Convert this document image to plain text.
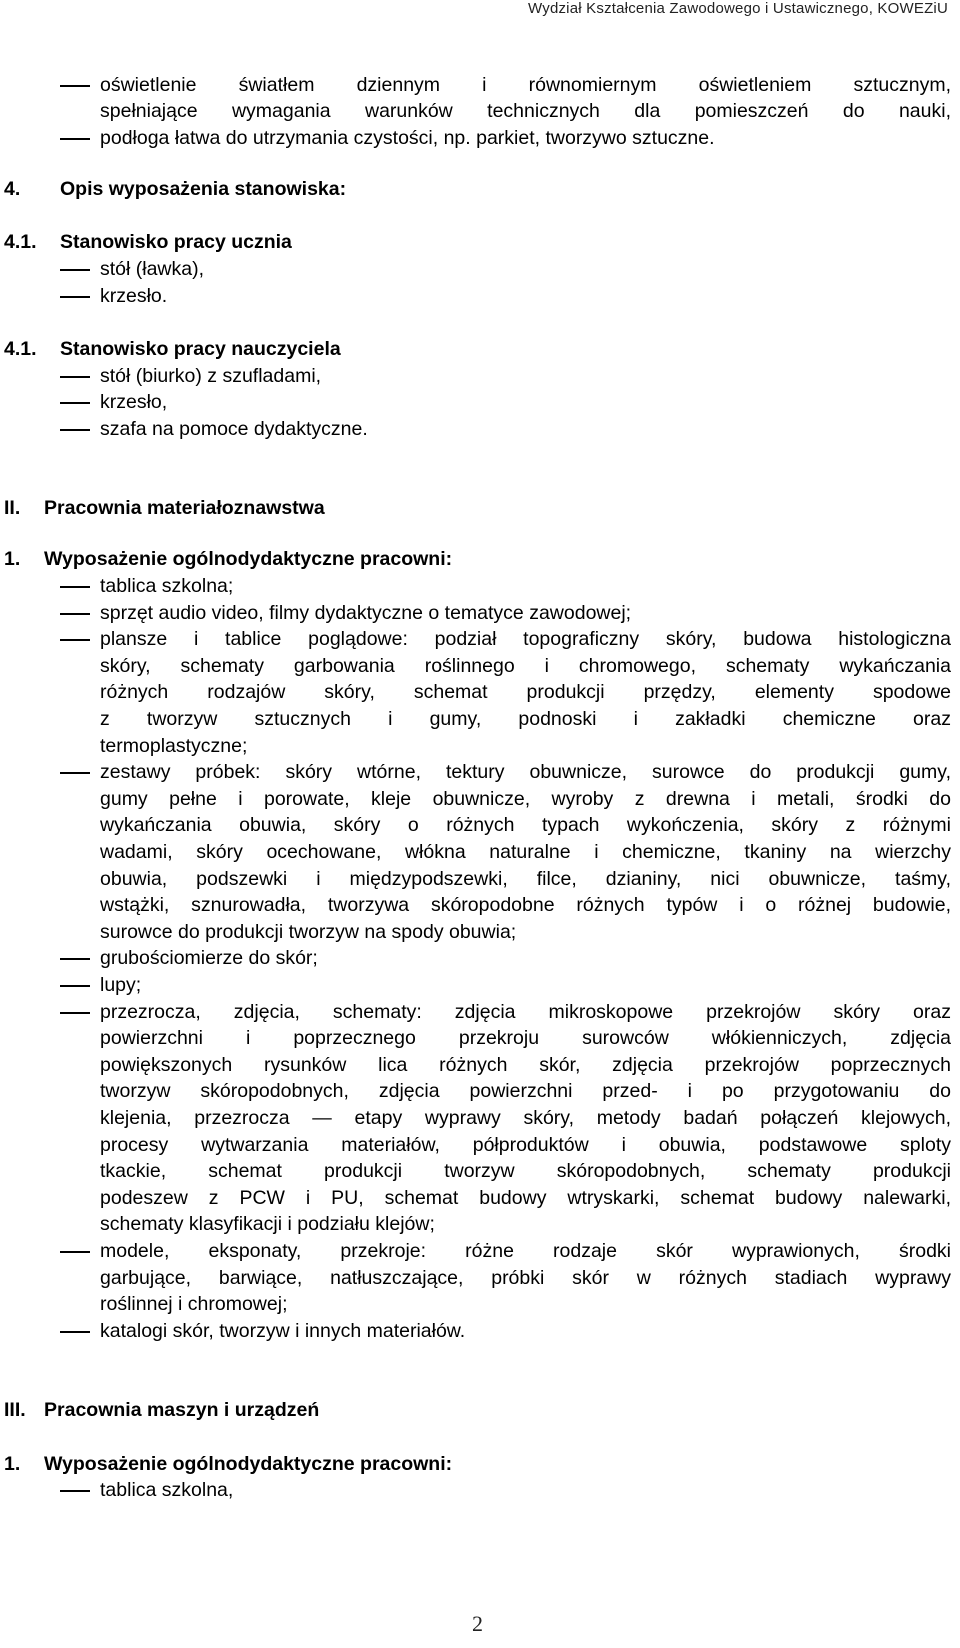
Wydział Kształcenia Zawodowego i Ustawicznego, KOWEZiU
oświetlenie światłem dziennym i równomiernym oświetleniem sztucznym,
spełniające wymagania warunków technicznych dla pomieszczeń do nauki,
podłoga łatwa do utrzymania czystości, np. parkiet, tworzywo sztuczne.
4. Opis wyposażenia stanowiska:
4.1. Stanowisko pracy ucznia
stół (ławka),
krzesło.
4.1. Stanowisko pracy nauczyciela
stół (biurko) z szufladami,
krzesło,
szafa na pomoce dydaktyczne.
II. Pracownia materiałoznawstwa
1. Wyposażenie ogólnodydaktyczne pracowni:
tablica szkolna;
sprzęt audio video, filmy dydaktyczne o tematyce zawodowej;
plansze i tablice poglądowe: podział topograficzny skóry, budowa histologiczna
skóry, schematy garbowania roślinnego i chromowego, schematy wykańczania
różnych rodzajów skóry, schemat produkcji przędzy, elementy spodowe
z tworzyw sztucznych i gumy, podnoski i zakładki chemiczne oraz
termoplastyczne;
zestawy próbek: skóry wtórne, tektury obuwnicze, surowce do produkcji gumy,
gumy pełne i porowate, kleje obuwnicze, wyroby z drewna i metali, środki do
wykańczania obuwia, skóry o różnych typach wykończenia, skóry z różnymi
wadami, skóry ocechowane, włókna naturalne i chemiczne, tkaniny na wierzchy
obuwia, podszewki i międzypodszewki, filce, dzianiny, nici obuwnicze, taśmy,
wstążki, sznurowadła, tworzywa skóropodobne różnych typów i o różnej budowie,
surowce do produkcji tworzyw na spody obuwia;
grubościomierze do skór;
lupy;
przezrocza, zdjęcia, schematy: zdjęcia mikroskopowe przekrojów skóry oraz
powierzchni i poprzecznego przekroju surowców włókienniczych, zdjęcia
powiększonych rysunków lica różnych skór, zdjęcia przekrojów poprzecznych
tworzyw skóropodobnych, zdjęcia powierzchni przed- i po przygotowaniu do
klejenia, przezrocza — etapy wyprawy skóry, metody badań połączeń klejowych,
procesy wytwarzania materiałów, półproduktów i obuwia, podstawowe sploty
tkackie, schemat produkcji tworzyw skóropodobnych, schematy produkcji
podeszew z PCW i PU, schemat budowy wtryskarki, schemat budowy nalewarki,
schematy klasyfikacji i podziału klejów;
modele, eksponaty, przekroje: różne rodzaje skór wyprawionych, środki
garbujące, barwiące, natłuszczające, próbki skór w różnych stadiach wyprawy
roślinnej i chromowej;
katalogi skór, tworzyw i innych materiałów.
III. Pracownia maszyn i urządzeń
1. Wyposażenie ogólnodydaktyczne pracowni:
tablica szkolna,
2
